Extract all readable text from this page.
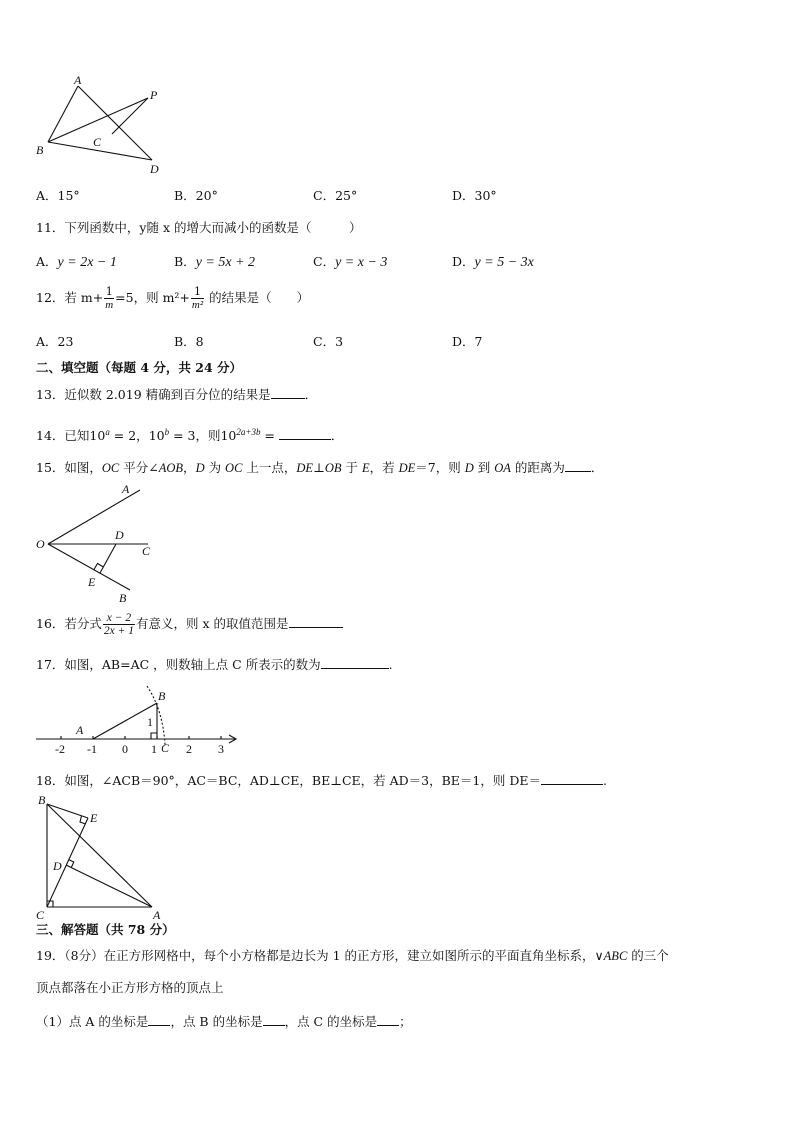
A
P
B
C
D
A．15°	B．20°	C．25°	D．30°
11．下列函数中，y随 x 的增大而减小的函数是（　　　）
A．y = 2x − 1	B．y = 5x + 2	C．y = x − 3	D．y = 5 − 3x
12．若 $m+ \frac{1}{m} =5$，则 $m^2+ \frac{1}{\text{m²}}$ 的结果是（　　）
A．23	B．8	C．3	D．7
二、填空题（每题 4 分，共 24 分）
13．近似数 2.019 精确到百分位的结果是	．
14．已知$10^a = 2$，$10^b = 3$，则$10^{2a+3b}$ =	．
15．如图，OC 平分∠AOB，D 为 OC 上一点，DE⊥OB 于 E，若 DE＝7，则 D 到 OA 的距离为 ．
A
O
D
C
E
B
16．若分式 $\frac{x - 2}{2x + 1}$ 有意义，则 x 的取值范围是
17．如图，AB=AC ，则数轴上点 C 所表示的数为	.
B
A
1
C
-2 -1 0 1 2 3
18．如图，∠ACB＝90°，AC＝BC，AD⊥CE，BE⊥CE，若 AD＝3，BE＝1，则 DE＝	.
B
E
D
C	A
三、解答题（共 78 分）
19．（8分）在正方形网格中，每个小方格都是边长为 1 的正方形，建立如图所示的平面直角坐标系，∨ABC 的三个
顶点都落在小正方形方格的顶点上
（1）点 A 的坐标是 ，点 B 的坐标是 ，点 C 的坐标是 ；
